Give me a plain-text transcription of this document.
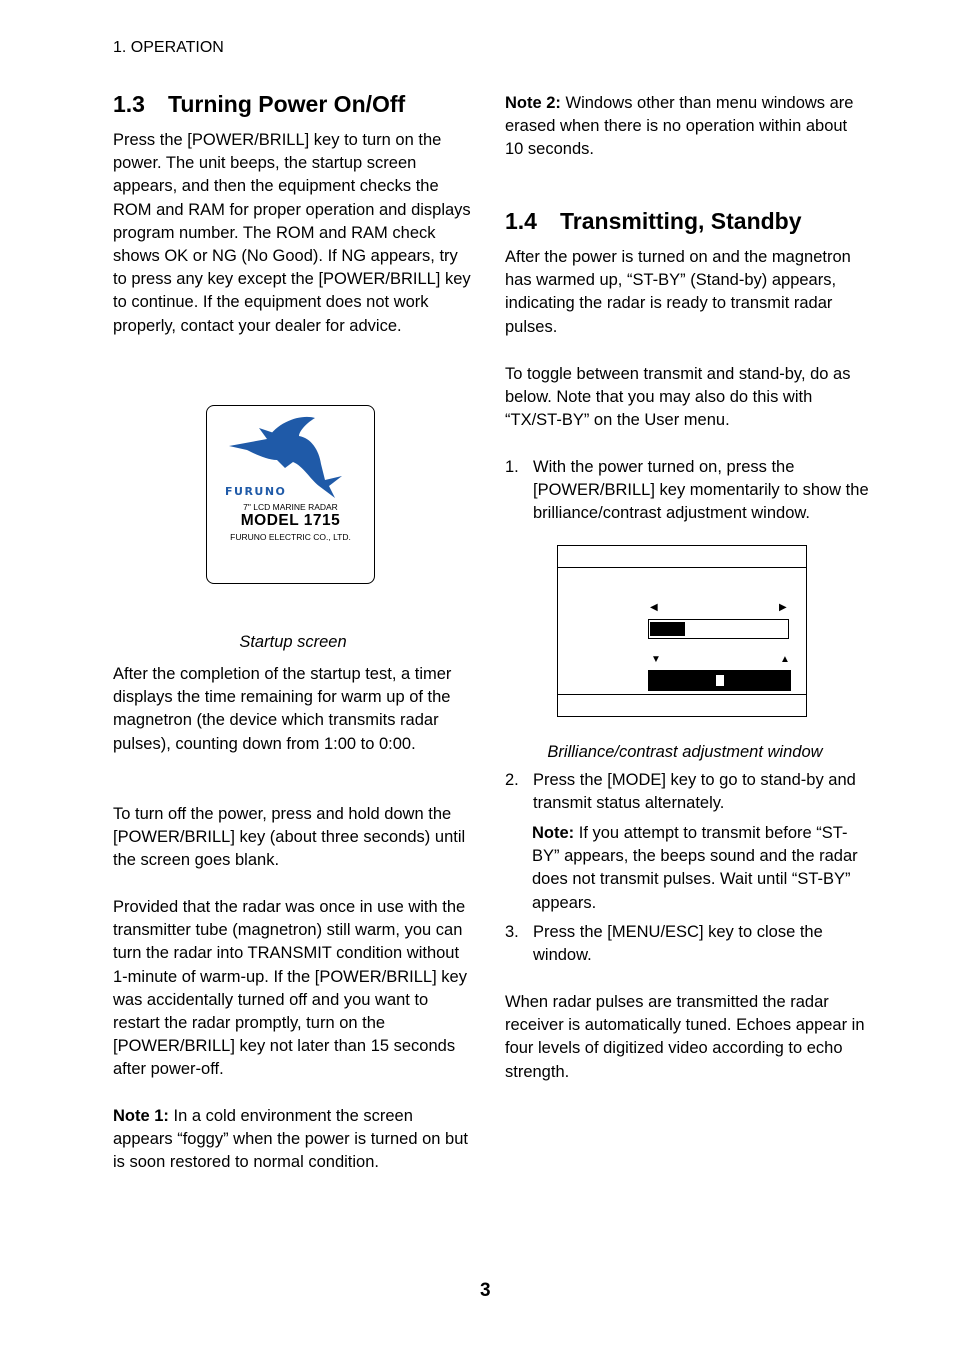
1. OPERATION
1.3 Turning Power On/Off

Press the [POWER/BRILL] key to turn on the power. The unit beeps, the startup screen appears, and then the equipment checks the ROM and RAM for proper operation and displays program number. The ROM and RAM check shows OK or NG (No Good). If NG appears, try to press any key except the [POWER/BRILL] key to continue. If the equipment does not work properly, contact your dealer for advice.

FURUNO
7" LCD MARINE RADAR
MODEL 1715
FURUNO ELECTRIC CO., LTD.
Startup screen

After the completion of the startup test, a timer displays the time remaining for warm up of the magnetron (the device which transmits radar pulses), counting down from 1:00 to 0:00.

To turn off the power, press and hold down the [POWER/BRILL] key (about three seconds) until the screen goes blank.

Provided that the radar was once in use with the transmitter tube (magnetron) still warm, you can turn the radar into TRANSMIT condition without 1-minute of warm-up. If the [POWER/BRILL] key was accidentally turned off and you want to restart the radar promptly, turn on the [POWER/BRILL] key not later than 15 seconds after power-off.

Note 1: In a cold environment the screen appears “foggy” when the power is turned on but is soon restored to normal condition.

Note 2: Windows other than menu windows are erased when there is no operation within about 10 seconds.

1.4 Transmitting, Standby

After the power is turned on and the magnetron has warmed up, “ST-BY” (Stand-by) appears, indicating the radar is ready to transmit radar pulses.

To toggle between transmit and stand-by, do as below. Note that you may also do this with “TX/ST-BY” on the User menu.

1. With the power turned on, press the [POWER/BRILL] key momentarily to show the brilliance/contrast adjustment window.
◀	▶
▼	▲
Brilliance/contrast adjustment window
2. Press the [MODE] key to go to stand-by and transmit status alternately.

Note: If you attempt to transmit before “ST-BY” appears, the beeps sound and the radar does not transmit pulses. Wait until “ST-BY” appears.

3. Press the [MENU/ESC] key to close the window.

When radar pulses are transmitted the radar receiver is automatically tuned. Echoes appear in four levels of digitized video according to echo strength.

3
